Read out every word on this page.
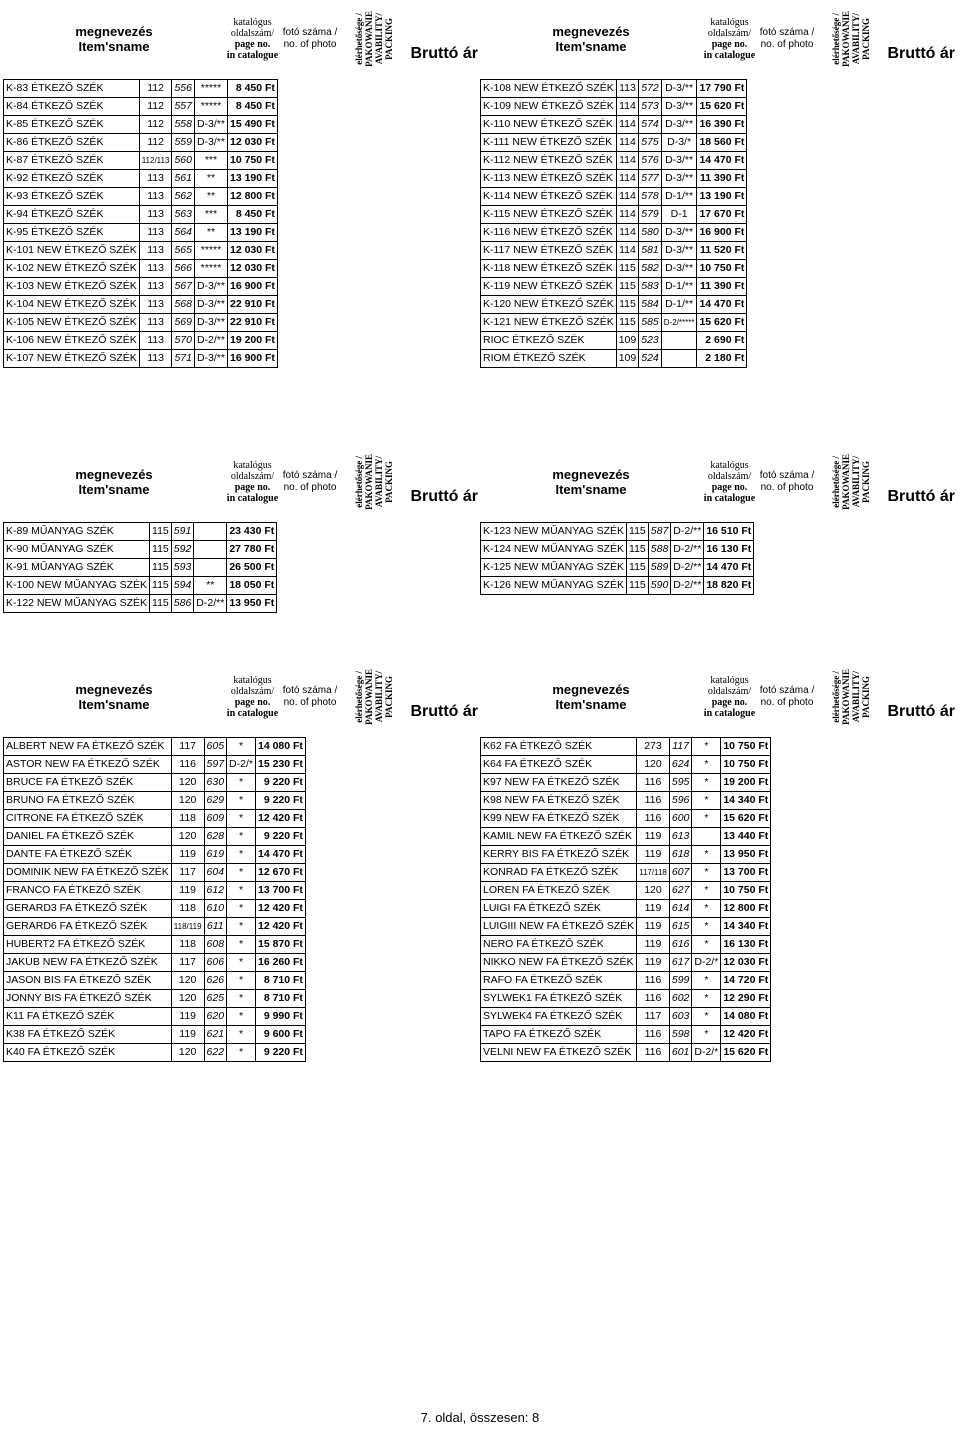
megnevezés
Item'sname
katalógus
oldalszám/
page no.
in catalogue
fotó száma /
no. of photo elérhetősége / PAKOWANIE AVABILITY/ PACKING Bruttó ár
megnevezés
Item'sname
katalógus
oldalszám/
page no.
in catalogue
fotó száma /
no. of photo elérhetősége / PAKOWANIE AVABILITY/ PACKING Bruttó ár
K-83 ÉTKEZŐ SZÉK	112	556	*****	8 450 Ft
K-84 ÉTKEZŐ SZÉK	112	557	*****	8 450 Ft
K-85 ÉTKEZŐ SZÉK	112	558	D-3/**	15 490 Ft
K-86 ÉTKEZŐ SZÉK	112	559	D-3/**	12 030 Ft
K-87 ÉTKEZŐ SZÉK	112/113	560	***	10 750 Ft
K-92 ÉTKEZŐ SZÉK	113	561	**	13 190 Ft
K-93 ÉTKEZŐ SZÉK	113	562	**	12 800 Ft
K-94 ÉTKEZŐ SZÉK	113	563	***	8 450 Ft
K-95 ÉTKEZŐ SZÉK	113	564	**	13 190 Ft
K-101 NEW ÉTKEZŐ SZÉK	113	565	*****	12 030 Ft
K-102 NEW ÉTKEZŐ SZÉK	113	566	*****	12 030 Ft
K-103 NEW ÉTKEZŐ SZÉK	113	567	D-3/**	16 900 Ft
K-104 NEW ÉTKEZŐ SZÉK	113	568	D-3/**	22 910 Ft
K-105 NEW ÉTKEZŐ SZÉK	113	569	D-3/**	22 910 Ft
K-106 NEW ÉTKEZŐ SZÉK	113	570	D-2/**	19 200 Ft
K-107 NEW ÉTKEZŐ SZÉK	113	571	D-3/**	16 900 Ft
K-108 NEW ÉTKEZŐ SZÉK	113	572	D-3/**	17 790 Ft
K-109 NEW ÉTKEZŐ SZÉK	114	573	D-3/**	15 620 Ft
K-110 NEW ÉTKEZŐ SZÉK	114	574	D-3/**	16 390 Ft
K-111 NEW ÉTKEZŐ SZÉK	114	575	D-3/*	18 560 Ft
K-112 NEW ÉTKEZŐ SZÉK	114	576	D-3/**	14 470 Ft
K-113 NEW ÉTKEZŐ SZÉK	114	577	D-3/**	11 390 Ft
K-114 NEW ÉTKEZŐ SZÉK	114	578	D-1/**	13 190 Ft
K-115 NEW ÉTKEZŐ SZÉK	114	579	D-1	17 670 Ft
K-116 NEW ÉTKEZŐ SZÉK	114	580	D-3/**	16 900 Ft
K-117 NEW ÉTKEZŐ SZÉK	114	581	D-3/**	11 520 Ft
K-118 NEW ÉTKEZŐ SZÉK	115	582	D-3/**	10 750 Ft
K-119 NEW ÉTKEZŐ SZÉK	115	583	D-1/**	11 390 Ft
K-120 NEW ÉTKEZŐ SZÉK	115	584	D-1/**	14 470 Ft
K-121 NEW ÉTKEZŐ SZÉK	115	585	D-2/*****	15 620 Ft
RIOC ÉTKEZŐ SZÉK	109	523		2 690 Ft
RIOM ÉTKEZŐ SZÉK	109	524		2 180 Ft
megnevezés
Item'sname
katalógus
oldalszám/
page no.
in catalogue
fotó száma /
no. of photo elérhetősége / PAKOWANIE AVABILITY/ PACKING Bruttó ár
megnevezés
Item'sname
katalógus
oldalszám/
page no.
in catalogue
fotó száma /
no. of photo elérhetősége / PAKOWANIE AVABILITY/ PACKING Bruttó ár
K-89 MŰANYAG SZÉK	115	591		23 430 Ft
K-90 MŰANYAG SZÉK	115	592		27 780 Ft
K-91 MŰANYAG SZÉK	115	593		26 500 Ft
K-100 NEW MŰANYAG SZÉK	115	594	**	18 050 Ft
K-122 NEW MŰANYAG SZÉK	115	586	D-2/**	13 950 Ft
K-123 NEW MŰANYAG SZÉK	115	587	D-2/**	16 510 Ft
K-124 NEW MŰANYAG SZÉK	115	588	D-2/**	16 130 Ft
K-125 NEW MŰANYAG SZÉK	115	589	D-2/**	14 470 Ft
K-126 NEW MŰANYAG SZÉK	115	590	D-2/**	18 820 Ft
megnevezés
Item'sname
katalógus
oldalszám/
page no.
in catalogue
fotó száma /
no. of photo elérhetősége / PAKOWANIE AVABILITY/ PACKING Bruttó ár
megnevezés
Item'sname
katalógus
oldalszám/
page no.
in catalogue
fotó száma /
no. of photo elérhetősége / PAKOWANIE AVABILITY/ PACKING Bruttó ár
ALBERT NEW FA ÉTKEZŐ SZÉK	117	605	*	14 080 Ft
ASTOR NEW FA ÉTKEZŐ SZÉK	116	597	D-2/*	15 230 Ft
BRUCE FA ÉTKEZŐ SZÉK	120	630	*	9 220 Ft
BRUNO FA ÉTKEZŐ SZÉK	120	629	*	9 220 Ft
CITRONE FA ÉTKEZŐ SZÉK	118	609	*	12 420 Ft
DANIEL FA ÉTKEZŐ SZÉK	120	628	*	9 220 Ft
DANTE FA ÉTKEZŐ SZÉK	119	619	*	14 470 Ft
DOMINIK NEW FA ÉTKEZŐ SZÉK	117	604	*	12 670 Ft
FRANCO FA ÉTKEZŐ SZÉK	119	612	*	13 700 Ft
GERARD3 FA ÉTKEZŐ SZÉK	118	610	*	12 420 Ft
GERARD6 FA ÉTKEZŐ SZÉK	118/119	611	*	12 420 Ft
HUBERT2 FA ÉTKEZŐ SZÉK	118	608	*	15 870 Ft
JAKUB NEW FA ÉTKEZŐ SZÉK	117	606	*	16 260 Ft
JASON BIS FA ÉTKEZŐ SZÉK	120	626	*	8 710 Ft
JONNY BIS FA ÉTKEZŐ SZÉK	120	625	*	8 710 Ft
K11 FA ÉTKEZŐ SZÉK	119	620	*	9 990 Ft
K38 FA ÉTKEZŐ SZÉK	119	621	*	9 600 Ft
K40 FA ÉTKEZŐ SZÉK	120	622	*	9 220 Ft
K62 FA ÉTKEZŐ SZÉK	273	117	*	10 750 Ft
K64 FA ÉTKEZŐ SZÉK	120	624	*	10 750 Ft
K97 NEW FA ÉTKEZŐ SZÉK	116	595	*	19 200 Ft
K98 NEW FA ÉTKEZŐ SZÉK	116	596	*	14 340 Ft
K99 NEW FA ÉTKEZŐ SZÉK	116	600	*	15 620 Ft
KAMIL NEW FA ÉTKEZŐ SZÉK	119	613		13 440 Ft
KERRY BIS FA ÉTKEZŐ SZÉK	119	618	*	13 950 Ft
KONRAD FA ÉTKEZŐ SZÉK	117/118	607	*	13 700 Ft
LOREN FA ÉTKEZŐ SZÉK	120	627	*	10 750 Ft
LUIGI FA ÉTKEZŐ SZÉK	119	614	*	12 800 Ft
LUIGIII NEW FA ÉTKEZŐ SZÉK	119	615	*	14 340 Ft
NERO FA ÉTKEZŐ SZÉK	119	616	*	16 130 Ft
NIKKO NEW FA ÉTKEZŐ SZÉK	119	617	D-2/*	12 030 Ft
RAFO FA ÉTKEZŐ SZÉK	116	599	*	14 720 Ft
SYLWEK1 FA ÉTKEZŐ SZÉK	116	602	*	12 290 Ft
SYLWEK4 FA ÉTKEZŐ SZÉK	117	603	*	14 080 Ft
TAPO FA ÉTKEZŐ SZÉK	116	598	*	12 420 Ft
VELNI NEW FA ÉTKEZŐ SZÉK	116	601	D-2/*	15 620 Ft
7. oldal, összesen: 8
